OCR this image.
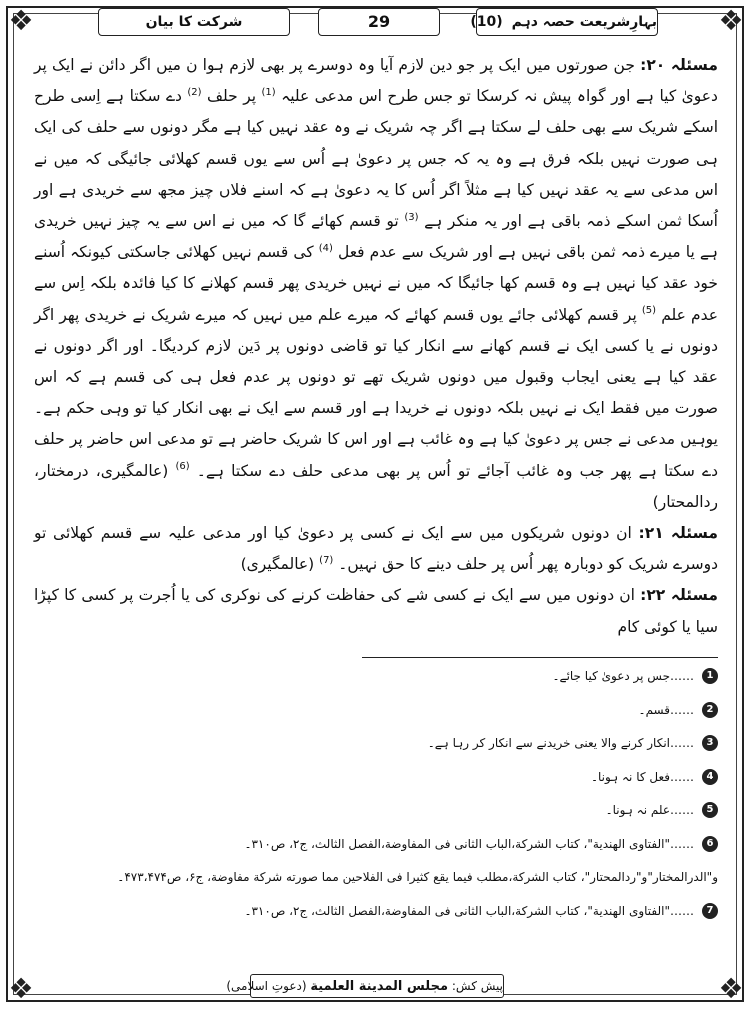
❖	❖
❖	❖
بہارِشریعت حصہ دہم (10)
29
شرکت کا بیان

مسئلہ ۲۰: جن صورتوں میں ایک پر جو دین لازم آیا وہ دوسرے پر بھی لازم ہوا ن میں اگر دائن نے ایک پر دعویٰ کیا ہے اور گواہ پیش نہ کرسکا تو جس طرح اس مدعی علیہ (1) پر حلف (2) دے سکتا ہے اِسی طرح اسکے شریک سے بھی حلف لے سکتا ہے اگر چہ شریک نے وہ عقد نہیں کیا ہے مگر دونوں سے حلف کی ایک ہی صورت نہیں بلکہ فرق ہے وہ یہ کہ جس پر دعویٰ ہے اُس سے یوں قسم کھلائی جائیگی کہ میں نے اس مدعی سے یہ عقد نہیں کیا ہے مثلاً اگر اُس کا یہ دعویٰ ہے کہ اسنے فلاں چیز مجھ سے خریدی ہے اور اُسکا ثمن اسکے ذمہ باقی ہے اور یہ منکر ہے (3) تو قسم کھائے گا کہ میں نے اس سے یہ چیز نہیں خریدی ہے یا میرے ذمہ ثمن باقی نہیں ہے اور شریک سے عدم فعل (4) کی قسم نہیں کھلائی جاسکتی کیونکہ اُسنے خود عقد کیا نہیں ہے وہ قسم کھا جائیگا کہ میں نے نہیں خریدی پھر قسم کھلانے کا کیا فائدہ بلکہ اِس سے عدم علم (5) پر قسم کھلائی جائے یوں قسم کھائے کہ میرے علم میں نہیں کہ میرے شریک نے خریدی پھر اگر دونوں نے یا کسی ایک نے قسم کھانے سے انکار کیا تو قاضی دونوں پر دَین لازم کردیگا۔ اور اگر دونوں نے عقد کیا ہے یعنی ایجاب وقبول میں دونوں شریک تھے تو دونوں پر عدم فعل ہی کی قسم ہے کہ اس صورت میں فقط ایک نے نہیں بلکہ دونوں نے خریدا ہے اور قسم سے ایک نے بھی انکار کیا تو وہی حکم ہے۔ یوہیں مدعی نے جس پر دعویٰ کیا ہے وہ غائب ہے اور اس کا شریک حاضر ہے تو مدعی اس حاضر پر حلف دے سکتا ہے پھر جب وہ غائب آجائے تو اُس پر بھی مدعی حلف دے سکتا ہے۔ (6) (عالمگیری، درمختار، ردالمحتار)

مسئلہ ۲۱: ان دونوں شریکوں میں سے ایک نے کسی پر دعویٰ کیا اور مدعی علیہ سے قسم کھلائی تو دوسرے شریک کو دوبارہ پھر اُس پر حلف دینے کا حق نہیں۔ (7) (عالمگیری)

مسئلہ ۲۲: ان دونوں میں سے ایک نے کسی شے کی حفاظت کرنے کی نوکری کی یا اُجرت پر کسی کا کپڑا سیا یا کوئی کام

1
……جس پر دعویٰ کیا جائے۔
2
……قسم۔
3
……انکار کرنے والا یعنی خریدنے سے انکار کر رہا ہے۔
4
……فعل کا نہ ہونا۔
5
……علم نہ ہونا۔
6
……"الفتاوی الهندية"، كتاب الشركة،الباب الثانی فی المفاوضة،الفصل الثالث، ج۲، ص۳۱۰۔
و"الدرالمختار"و"ردالمحتار"، كتاب الشركة،مطلب فيما يقع كثيرا فی الفلاحين مما صورته شركة مفاوضة، ج۶، ص۴۷۳،۴۷۴۔
7
……"الفتاوی الهندية"، كتاب الشركة،الباب الثانی فی المفاوضة،الفصل الثالث، ج۲، ص۳۱۰۔
پیش کش: مجلس المدينة العلمية (دعوتِ اسلامی)
